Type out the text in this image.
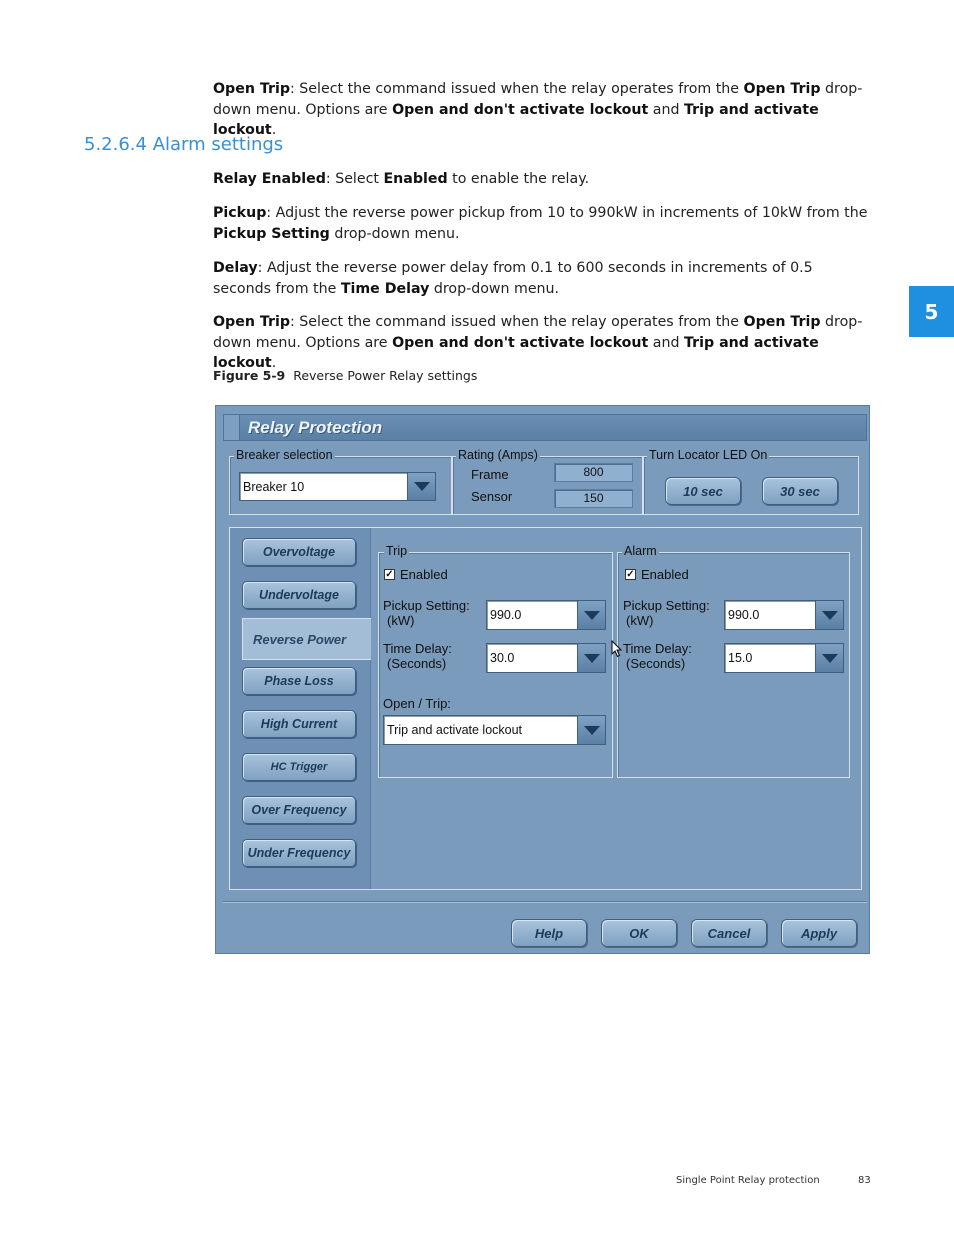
Open Trip: Select the command issued when the relay operates from the Open Trip drop-down menu. Options are Open and don't activate lockout and Trip and activate lockout.
5.2.6.4 Alarm settings
Relay Enabled: Select Enabled to enable the relay.
Pickup: Adjust the reverse power pickup from 10 to 990kW in increments of 10kW from the Pickup Setting drop-down menu.
Delay: Adjust the reverse power delay from 0.1 to 600 seconds in increments of 0.5 seconds from the Time Delay drop-down menu.
Open Trip: Select the command issued when the relay operates from the Open Trip drop-down menu. Options are Open and don't activate lockout and Trip and activate lockout.
Figure 5-9 Reverse Power Relay settings
5
Relay Protection
Breaker selection
Breaker 10
Rating (Amps)
Frame	800
Sensor	150
Turn Locator LED On
10 sec	30 sec
Overvoltage
Undervoltage
Reverse Power
Phase Loss
High Current
HC Trigger
Over Frequency
Under Frequency
Trip
✓ Enabled
Pickup Setting:
(kW)	990.0
Time Delay:
(Seconds)	30.0
Open / Trip:
Trip and activate lockout
Alarm
✓ Enabled
Pickup Setting:
(kW)	990.0
Time Delay:
(Seconds)	15.0
Help	OK	Cancel	Apply
Single Point Relay protection	83
